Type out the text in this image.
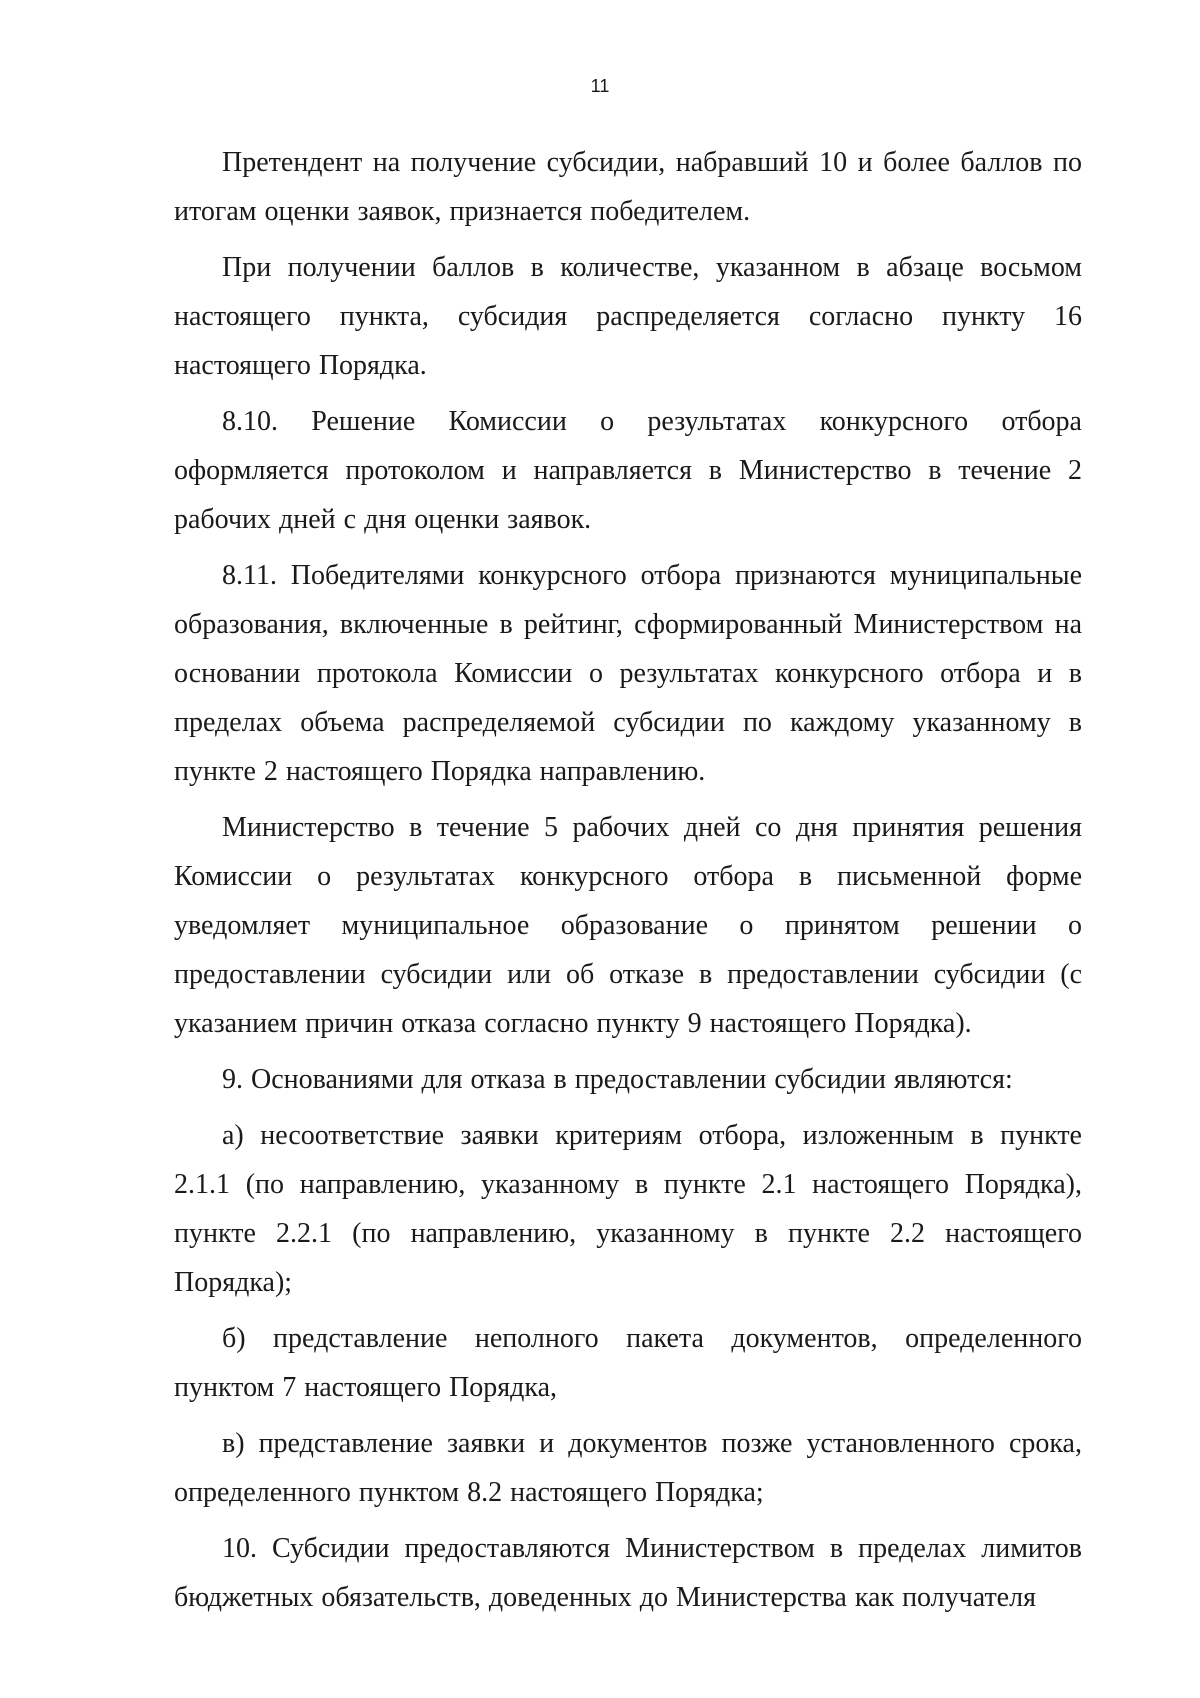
11

Претендент на получение субсидии, набравший 10 и более баллов по итогам оценки заявок, признается победителем.

При получении баллов в количестве, указанном в абзаце восьмом настоящего пункта, субсидия распределяется согласно пункту 16 настоящего Порядка.

8.10. Решение Комиссии о результатах конкурсного отбора оформляется протоколом и направляется в Министерство в течение 2 рабочих дней с дня оценки заявок.

8.11. Победителями конкурсного отбора признаются муниципальные образования, включенные в рейтинг, сформированный Министерством на основании протокола Комиссии о результатах конкурсного отбора и в пределах объема распределяемой субсидии по каждому указанному в пункте 2 настоящего Порядка направлению.

Министерство в течение 5 рабочих дней со дня принятия решения Комиссии о результатах конкурсного отбора в письменной форме уведомляет муниципальное образование о принятом решении о предоставлении субсидии или об отказе в предоставлении субсидии (с указанием причин отказа согласно пункту 9 настоящего Порядка).

9. Основаниями для отказа в предоставлении субсидии являются:

а) несоответствие заявки критериям отбора, изложенным в пункте 2.1.1 (по направлению, указанному в пункте 2.1 настоящего Порядка), пункте 2.2.1 (по направлению, указанному в пункте 2.2 настоящего Порядка);

б) представление неполного пакета документов, определенного пунктом 7 настоящего Порядка,

в) представление заявки и документов позже установленного срока, определенного пунктом 8.2 настоящего Порядка;

10. Субсидии предоставляются Министерством в пределах лимитов бюджетных обязательств, доведенных до Министерства как получателя
